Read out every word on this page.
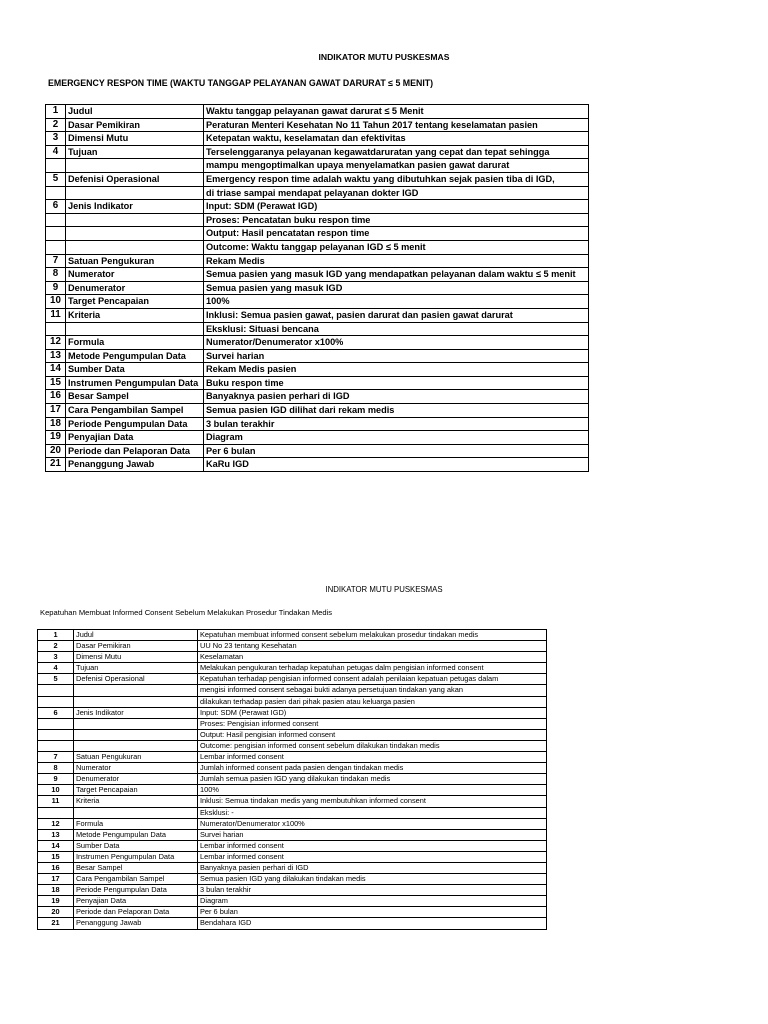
INDIKATOR MUTU PUSKESMAS
EMERGENCY RESPON TIME (WAKTU TANGGAP PELAYANAN GAWAT DARURAT ≤ 5 MENIT)
1	Judul	Waktu tanggap pelayanan gawat darurat ≤ 5 Menit
2	Dasar Pemikiran	Peraturan Menteri Kesehatan No 11 Tahun 2017 tentang keselamatan pasien
3	Dimensi Mutu	Ketepatan waktu, keselamatan dan efektivitas
4	Tujuan	Terselenggaranya pelayanan kegawatdaruratan yang cepat dan tepat sehingga
		mampu mengoptimalkan upaya menyelamatkan pasien gawat darurat
5	Defenisi Operasional	Emergency respon time adalah waktu yang dibutuhkan sejak pasien tiba di IGD,
		di triase sampai mendapat pelayanan dokter IGD
6	Jenis Indikator	Input: SDM (Perawat IGD)
		Proses: Pencatatan buku respon time
		Output: Hasil pencatatan respon time
		Outcome: Waktu tanggap pelayanan IGD ≤ 5 menit
7	Satuan Pengukuran	Rekam Medis
8	Numerator	Semua pasien yang masuk IGD yang mendapatkan pelayanan dalam waktu ≤ 5 menit
9	Denumerator	Semua pasien yang masuk IGD
10	Target Pencapaian	100%
11	Kriteria	Inklusi: Semua pasien gawat, pasien darurat dan pasien gawat darurat
		Eksklusi: Situasi bencana
12	Formula	Numerator/Denumerator x100%
13	Metode Pengumpulan Data	Survei harian
14	Sumber Data	Rekam Medis pasien
15	Instrumen Pengumpulan Data	Buku respon time
16	Besar Sampel	Banyaknya pasien perhari di IGD
17	Cara Pengambilan Sampel	Semua pasien IGD dilihat dari rekam medis
18	Periode Pengumpulan Data	3 bulan terakhir
19	Penyajian Data	Diagram
20	Periode dan Pelaporan Data	Per 6 bulan
21	Penanggung Jawab	KaRu IGD
INDIKATOR MUTU PUSKESMAS
Kepatuhan Membuat Informed Consent Sebelum Melakukan Prosedur Tindakan Medis
1	Judul	Kepatuhan membuat informed consent sebelum melakukan prosedur tindakan medis
2	Dasar Pemikiran	UU No 23 tentang Kesehatan
3	Dimensi Mutu	Keselamatan
4	Tujuan	Melakukan pengukuran terhadap kepatuhan petugas dalm pengisian informed consent
5	Defenisi Operasional	Kepatuhan terhadap pengisian informed consent adalah penilaian kepatuan petugas dalam
		mengisi informed consent sebagai bukti adanya persetujuan tindakan yang akan
		dilakukan terhadap pasien dari pihak pasien atau keluarga pasien
6	Jenis Indikator	Input: SDM (Perawat IGD)
		Proses: Pengisian informed consent
		Output: Hasil pengisian informed consent
		Outcome: pengisian informed consent sebelum dilakukan tindakan medis
7	Satuan Pengukuran	Lembar informed consent
8	Numerator	Jumlah informed consent pada pasien dengan tindakan medis
9	Denumerator	Jumlah semua pasien IGD yang dilakukan tindakan medis
10	Target Pencapaian	100%
11	Kriteria	Inklusi: Semua tindakan medis yang membutuhkan informed consent
		Eksklusi: -
12	Formula	Numerator/Denumerator x100%
13	Metode Pengumpulan Data	Survei harian
14	Sumber Data	Lembar informed consent
15	Instrumen Pengumpulan Data	Lembar informed consent
16	Besar Sampel	Banyaknya pasien perhari di IGD
17	Cara Pengambilan Sampel	Semua pasien IGD yang dilakukan tindakan medis
18	Periode Pengumpulan Data	3 bulan terakhir
19	Penyajian Data	Diagram
20	Periode dan Pelaporan Data	Per 6 bulan
21	Penanggung Jawab	Bendahara IGD
